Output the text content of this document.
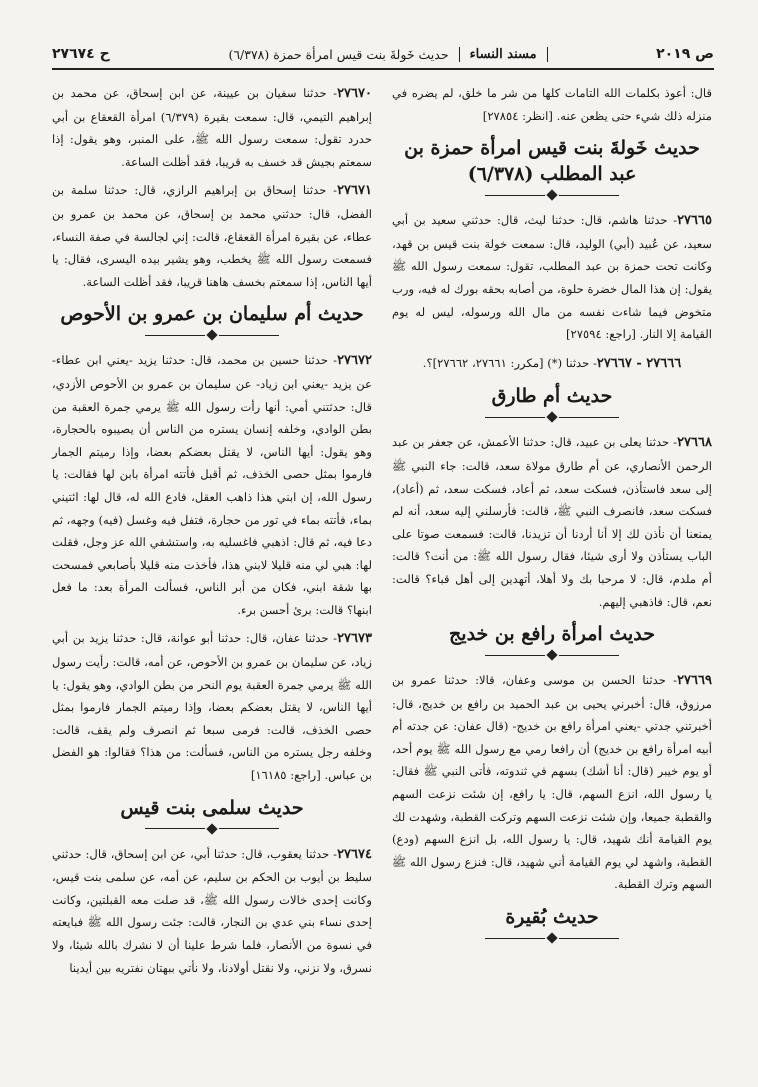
ص ٢٠١٩
مسند النساء
حديث خَولةَ بنت قيس امرأة حمزة (٦/٣٧٨)
ح ٢٧٦٧٤

قال: أعوذ بكلمات الله التامات كلها من شر ما خلق، لم يضره في منزله ذلك شيء حتى يظعن عنه. [انظر: ٢٧٨٥٤]

حديث خَولةَ بنت قيس امرأة حمزة بن عبد المطلب (٦/٣٧٨)

٢٧٦٦٥- حدثنا هاشم، قال: حدثنا ليث، قال: حدثني سعيد بن أبي سعيد، عن عُبيد (أبي) الوليد، قال: سمعت خولة بنت قيس بن قهد، وكانت تحت حمزة بن عبد المطلب، تقول: سمعت رسول الله ﷺ يقول: إن هذا المال خضرة حلوة، من أصابه بحقه بورك له فيه، ورب متخوض فيما شاءت نفسه من مال الله ورسوله، ليس له يوم القيامة إلا النار. [راجع: ٢٧٥٩٤]

٢٧٦٦٦ - ٢٧٦٦٧- حدثنا (*) [مكرر: ٢٧٦٦١، ٢٧٦٦٢]؟.

حديث أم طارق

٢٧٦٦٨- حدثنا يعلى بن عبيد، قال: حدثنا الأعمش، عن جعفر بن عبد الرحمن الأنصاري، عن أم طارق مولاة سعد، قالت: جاء النبي ﷺ إلى سعد فاستأذن، فسكت سعد، ثم أعاد، فسكت سعد، ثم (أعاد)، فسكت سعد، فانصرف النبي ﷺ، قالت: فأرسلني إليه سعد، أنه لم يمنعنا أن نأذن لك إلا أنا أردنا أن تزيدنا، قالت: فسمعت صوتا على الباب يستأذن ولا أرى شيئا، فقال رسول الله ﷺ: من أنت؟ قالت: أم ملدم، قال: لا مرحبا بك ولا أهلا، أتهدين إلى أهل قباء؟ قالت: نعم، قال: فاذهبي إليهم.

حديث امرأة رافع بن خديج

٢٧٦٦٩- حدثنا الحسن بن موسى وعفان، قالا: حدثنا عمرو بن مرزوق، قال: أخبرني يحيى بن عبد الحميد بن رافع بن خديج، قال: أخبرتني جدتي -يعني امرأة رافع بن خديج- (قال عفان: عن جدته أم أبيه امرأة رافع بن خديج) أن رافعا رمي مع رسول الله ﷺ يوم أحد، أو يوم خيبر (قال: أنا أشك) بسهم في ثندوته، فأتى النبي ﷺ فقال: يا رسول الله، انزع السهم، قال: يا رافع، إن شئت نزعت السهم والقطبة جميعا، وإن شئت نزعت السهم وتركت القطبة، وشهدت لك يوم القيامة أنك شهيد، قال: يا رسول الله، بل انزع السهم (ودع) القطبة، واشهد لي يوم القيامة أني شهيد، قال: فنزع رسول الله ﷺ السهم وترك القطبة.

حديث بُقيرة

٢٧٦٧٠- حدثنا سفيان بن عيينة، عن ابن إسحاق، عن محمد بن إبراهيم التيمي، قال: سمعت بقيرة (٦/٣٧٩) امرأة القعقاع بن أبي حدرد تقول: سمعت رسول الله ﷺ، على المنبر، وهو يقول: إذا سمعتم بجيش قد خسف به قريبا، فقد أظلت الساعة.

٢٧٦٧١- حدثنا إسحاق بن إبراهيم الرازي، قال: حدثنا سلمة بن الفضل، قال: حدثني محمد بن إسحاق، عن محمد بن عمرو بن عطاء، عن بقيرة امرأة القعقاع، قالت: إني لجالسة في صفة النساء، فسمعت رسول الله ﷺ يخطب، وهو يشير بيده اليسرى، فقال: يا أيها الناس، إذا سمعتم بخسف هاهنا قريبا، فقد أظلت الساعة.

حديث أم سليمان بن عمرو بن الأحوص

٢٧٦٧٢- حدثنا حسين بن محمد، قال: حدثنا يزيد -يعني ابن عطاء- عن يزيد -يعني ابن زياد- عن سليمان بن عمرو بن الأحوص الأزدي، قال: حدثتني أمي: أنها رأت رسول الله ﷺ يرمي جمرة العقبة من بطن الوادي، وخلفه إنسان يستره من الناس أن يصيبوه بالحجارة، وهو يقول: أيها الناس، لا يقتل بعضكم بعضا، وإذا رميتم الجمار فارموا بمثل حصى الخذف، ثم أقبل فأتته امرأة بابن لها فقالت: يا رسول الله، إن ابني هذا ذاهب العقل، فادع الله له، قال لها: ائتيني بماء، فأتته بماء في تور من حجارة، فتفل فيه وغسل (فيه) وجهه، ثم دعا فيه، ثم قال: اذهبي فاغسليه به، واستشفي الله عز وجل، فقلت لها: هبي لي منه قليلا لابني هذا، فأخذت منه قليلا بأصابعي فمسحت بها شقة ابني، فكان من أبر الناس، فسألت المرأة بعد: ما فعل ابنها؟ قالت: برئ أحسن برء.

٢٧٦٧٣- حدثنا عفان، قال: حدثنا أبو عوانة، قال: حدثنا يزيد بن أبي زياد، عن سليمان بن عمرو بن الأحوص، عن أمه، قالت: رأيت رسول الله ﷺ يرمي جمرة العقبة يوم النحر من بطن الوادي، وهو يقول: يا أيها الناس، لا يقتل بعضكم بعضا، وإذا رميتم الجمار فارموا بمثل حصى الخذف، قالت: فرمى سبعا ثم انصرف ولم يقف، قالت: وخلفه رجل يستره من الناس، فسألت: من هذا؟ فقالوا: هو الفضل بن عباس. [راجع: ١٦١٨٥]

حديث سلمى بنت قيس

٢٧٦٧٤- حدثنا يعقوب، قال: حدثنا أبي، عن ابن إسحاق، قال: حدثني سليط بن أيوب بن الحكم بن سليم، عن أمه، عن سلمى بنت قيس، وكانت إحدى خالات رسول الله ﷺ، قد صلت معه القبلتين، وكانت إحدى نساء بني عدي بن النجار، قالت: جئت رسول الله ﷺ فبايعته في نسوة من الأنصار، فلما شرط علينا أن لا نشرك بالله شيئا، ولا نسرق، ولا نزني، ولا نقتل أولادنا، ولا نأتي ببهتان نفتريه بين أيدينا
